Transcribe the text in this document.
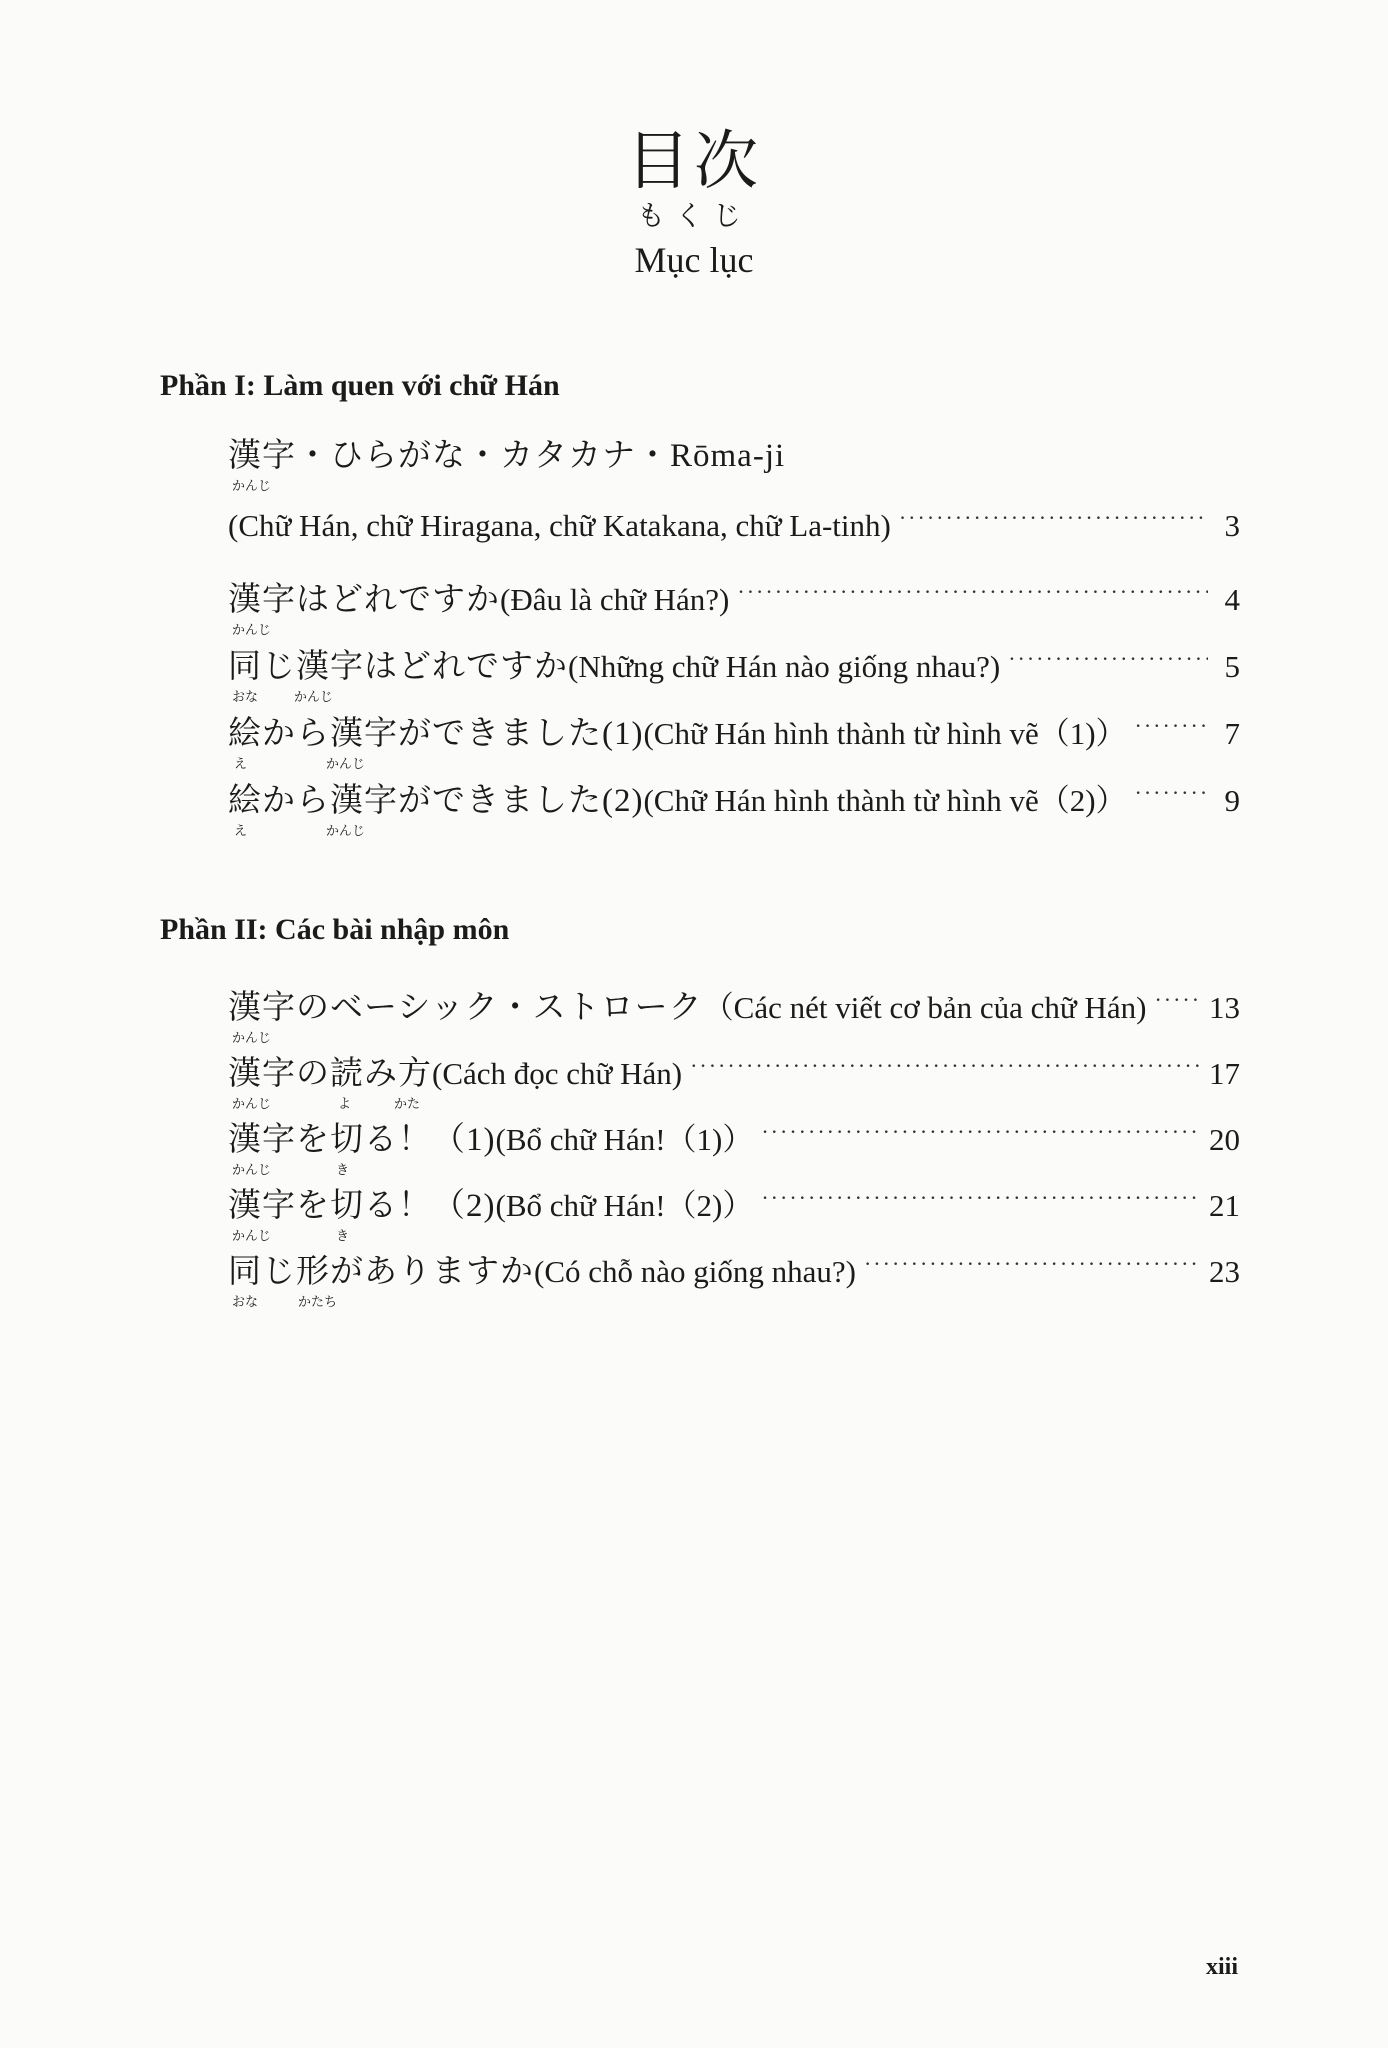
目次
もくじ
Mục lục
Phần I: Làm quen với chữ Hán
漢字・ひらがな・カタカナ・Rōma-ji
かんじ
(Chữ Hán, chữ Hiragana, chữ Katakana, chữ La-tinh) ·····	3
漢字はどれですか (Đâu là chữ Hán?) ·····	4
かんじ
同じ漢字はどれですか (Những chữ Hán nào giống nhau?) ·····	5
おな	かんじ
絵から漢字ができました(1) (Chữ Hán hình thành từ hình vẽ（1)） ·····	7
え	かんじ
絵から漢字ができました(2) (Chữ Hán hình thành từ hình vẽ（2)） ·····	9
え	かんじ
Phần II: Các bài nhập môn
漢字のベーシック・ストローク （Các nét viết cơ bản của chữ Hán) ····· 13
かんじ
漢字の読み方 (Cách đọc chữ Hán) ·····	17
かんじ	よ	かた
漢字を切る！（1) (Bổ chữ Hán!（1)） ·····	20
かんじ	き
漢字を切る！（2) (Bổ chữ Hán!（2)） ·····	21
かんじ	き
同じ形がありますか (Có chỗ nào giống nhau?) ·····	23
おな	かたち
xiii
